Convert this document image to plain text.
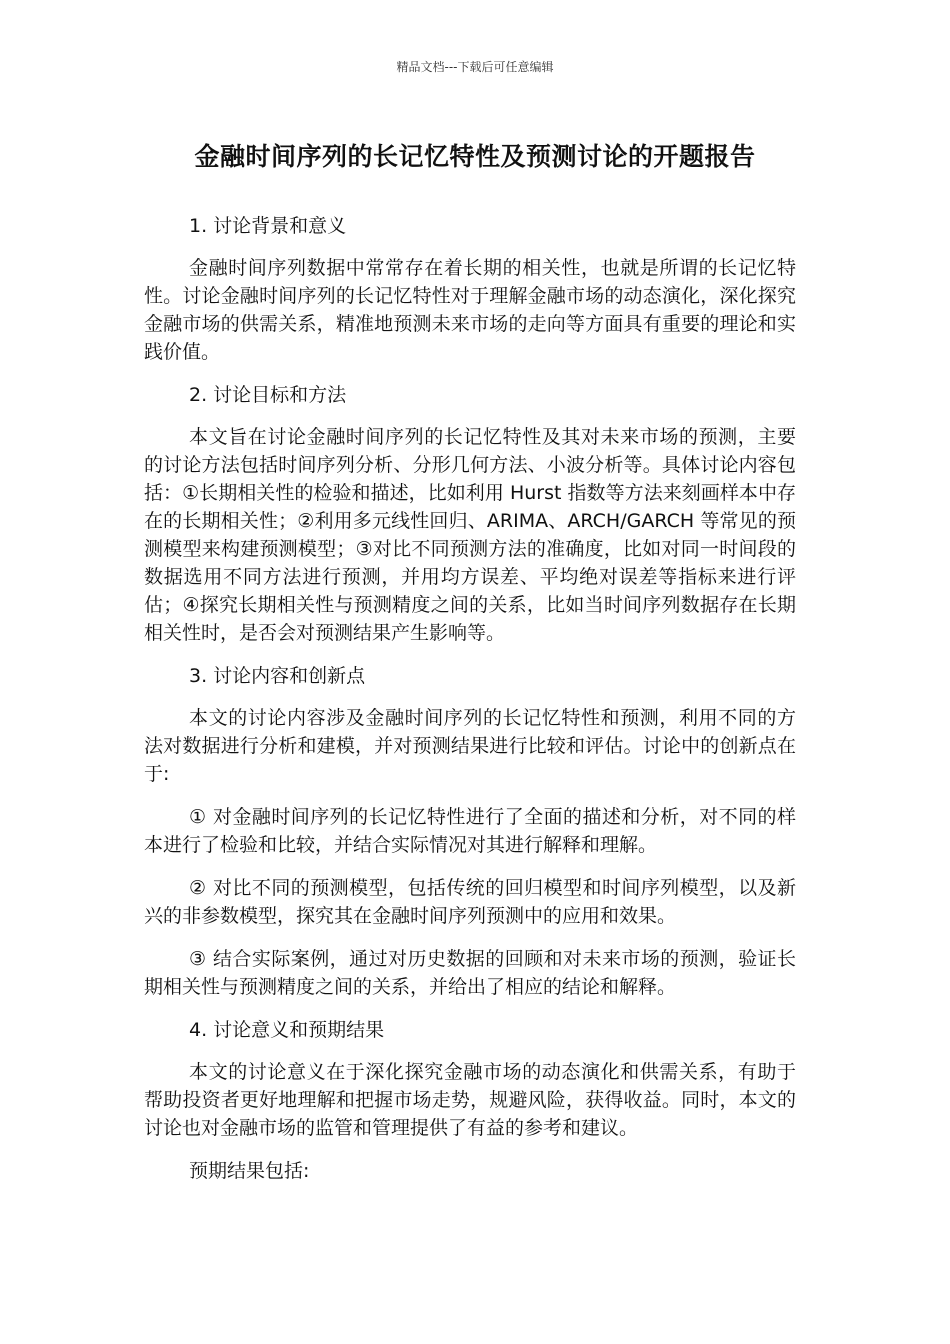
精品文档---下载后可任意编辑
金融时间序列的长记忆特性及预测讨论的开题报告

1. 讨论背景和意义

金融时间序列数据中常常存在着长期的相关性，也就是所谓的长记忆特性。讨论金融时间序列的长记忆特性对于理解金融市场的动态演化，深化探究金融市场的供需关系，精准地预测未来市场的走向等方面具有重要的理论和实践价值。

2. 讨论目标和方法

本文旨在讨论金融时间序列的长记忆特性及其对未来市场的预测，主要的讨论方法包括时间序列分析、分形几何方法、小波分析等。具体讨论内容包括：①长期相关性的检验和描述，比如利用 Hurst 指数等方法来刻画样本中存在的长期相关性；②利用多元线性回归、ARIMA、ARCH/GARCH 等常见的预测模型来构建预测模型；③对比不同预测方法的准确度，比如对同一时间段的数据选用不同方法进行预测，并用均方误差、平均绝对误差等指标来进行评估；④探究长期相关性与预测精度之间的关系，比如当时间序列数据存在长期相关性时，是否会对预测结果产生影响等。

3. 讨论内容和创新点

本文的讨论内容涉及金融时间序列的长记忆特性和预测，利用不同的方法对数据进行分析和建模，并对预测结果进行比较和评估。讨论中的创新点在于:

① 对金融时间序列的长记忆特性进行了全面的描述和分析，对不同的样本进行了检验和比较，并结合实际情况对其进行解释和理解。

② 对比不同的预测模型，包括传统的回归模型和时间序列模型，以及新兴的非参数模型，探究其在金融时间序列预测中的应用和效果。

③ 结合实际案例，通过对历史数据的回顾和对未来市场的预测，验证长期相关性与预测精度之间的关系，并给出了相应的结论和解释。

4. 讨论意义和预期结果

本文的讨论意义在于深化探究金融市场的动态演化和供需关系，有助于帮助投资者更好地理解和把握市场走势，规避风险，获得收益。同时，本文的讨论也对金融市场的监管和管理提供了有益的参考和建议。

预期结果包括:
